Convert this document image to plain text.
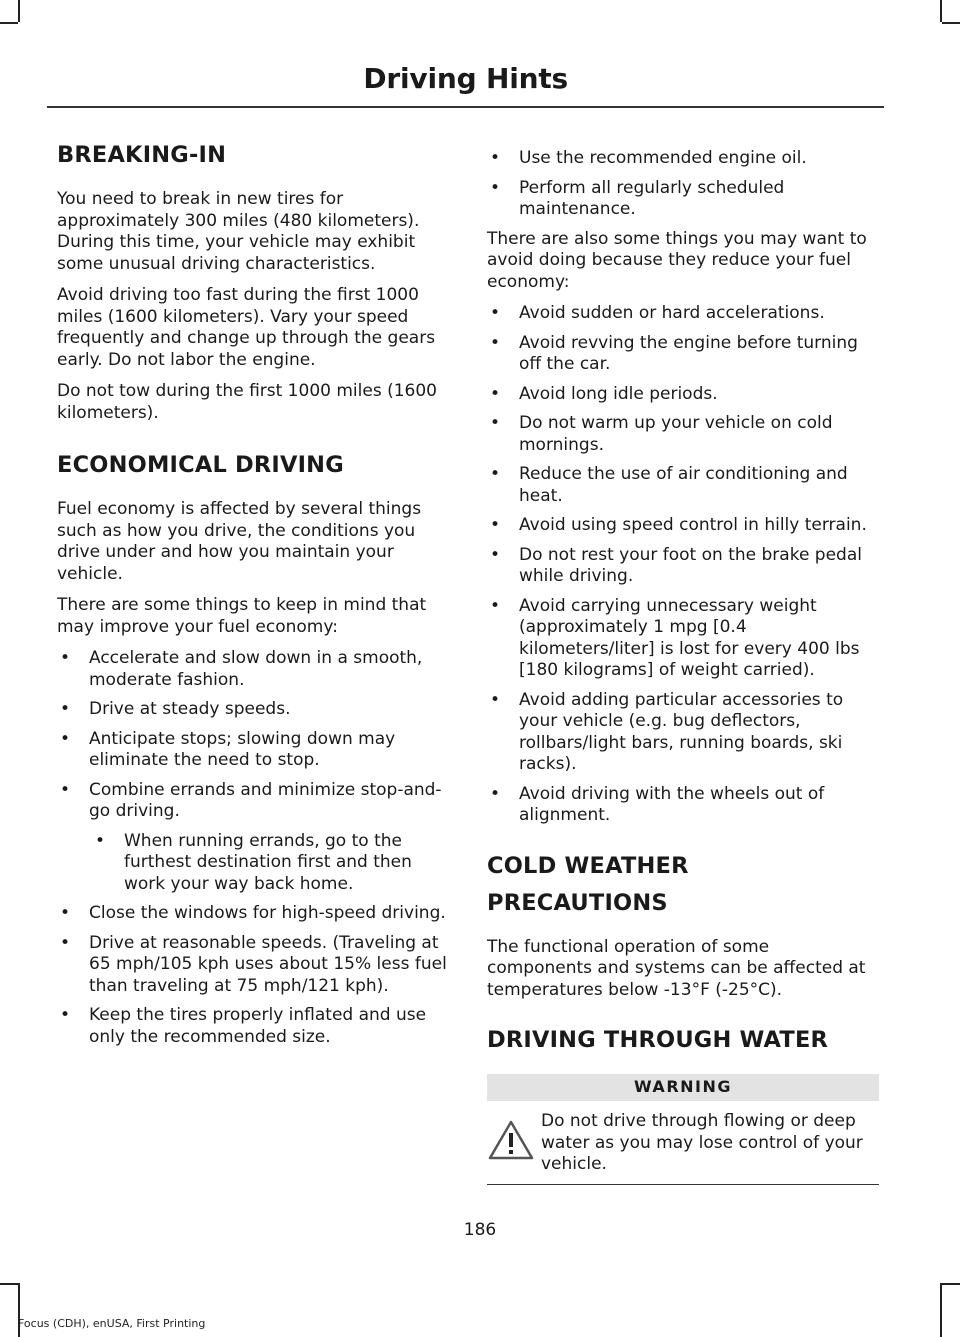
Driving Hints
BREAKING-IN

You need to break in new tires for approximately 300 miles (480 kilometers). During this time, your vehicle may exhibit some unusual driving characteristics.

Avoid driving too fast during the first 1000 miles (1600 kilometers). Vary your speed frequently and change up through the gears early. Do not labor the engine.

Do not tow during the first 1000 miles (1600 kilometers).

ECONOMICAL DRIVING

Fuel economy is affected by several things such as how you drive, the conditions you drive under and how you maintain your vehicle.

There are some things to keep in mind that may improve your fuel economy:

• Accelerate and slow down in a smooth, moderate fashion.
• Drive at steady speeds.
• Anticipate stops; slowing down may eliminate the need to stop.
• Combine errands and minimize stop-and-go driving.
• When running errands, go to the furthest destination first and then work your way back home.
• Close the windows for high-speed driving.
• Drive at reasonable speeds. (Traveling at 65 mph/105 kph uses about 15% less fuel than traveling at 75 mph/121 kph).
• Keep the tires properly inflated and use only the recommended size.
• Use the recommended engine oil.
• Perform all regularly scheduled maintenance.

There are also some things you may want to avoid doing because they reduce your fuel economy:

• Avoid sudden or hard accelerations.
• Avoid revving the engine before turning off the car.
• Avoid long idle periods.
• Do not warm up your vehicle on cold mornings.
• Reduce the use of air conditioning and heat.
• Avoid using speed control in hilly terrain.
• Do not rest your foot on the brake pedal while driving.
• Avoid carrying unnecessary weight (approximately 1 mpg [0.4 kilometers/liter] is lost for every 400 lbs [180 kilograms] of weight carried).
• Avoid adding particular accessories to your vehicle (e.g. bug deflectors, rollbars/light bars, running boards, ski racks).
• Avoid driving with the wheels out of alignment.
COLD WEATHER
PRECAUTIONS

The functional operation of some components and systems can be affected at temperatures below -13°F (-25°C).

DRIVING THROUGH WATER
WARNING
Do not drive through flowing or deep water as you may lose control of your vehicle.
186
Focus (CDH), enUSA, First Printing
